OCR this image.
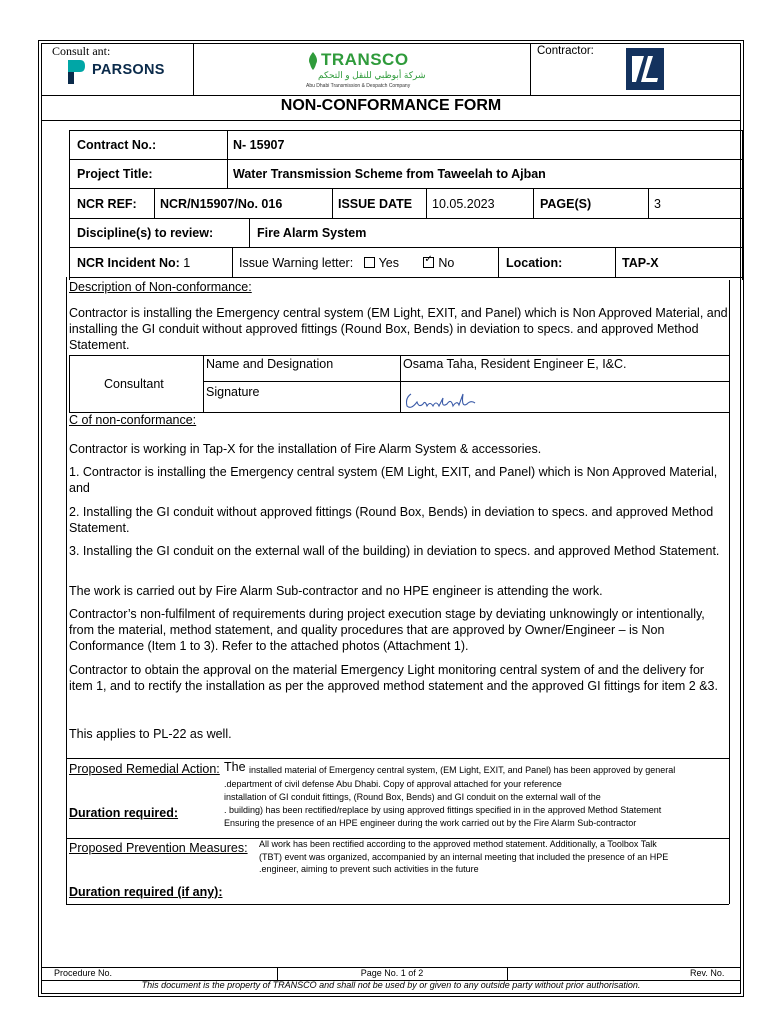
Consult ant:
PARSONS
TRANSCO
شركة أبوظبي للنقل و التحكم
Abu Dhabi Transmission & Despatch Company
Contractor:
NON-CONFORMANCE FORM
Contract No.:	N- 15907
Project Title:	Water Transmission Scheme from Taweelah to Ajban
NCR REF: NCR/N15907/No. 016	ISSUE DATE 10.05.2023	PAGE(S)	3
Discipline(s) to review:	Fire Alarm System
NCR Incident No: 1	Issue Warning letter: Yes       ✓	No	Location:	TAP-X
Description of Non-conformance:
Contractor is installing the Emergency central system (EM Light, EXIT, and Panel) which is Non Approved Material, and installing the GI conduit without approved fittings (Round Box, Bends) in deviation to specs. and approved Method Statement.
Consultant
Name and Designation	Osama Taha, Resident Engineer E, I&C.
Signature
C of non-conformance:
Contractor is working in Tap-X for the installation of Fire Alarm System & accessories.
1. Contractor is installing the Emergency central system (EM Light, EXIT, and Panel) which is Non Approved Material, and
2. Installing the GI conduit without approved fittings (Round Box, Bends) in deviation to specs. and approved Method Statement.
3. Installing the GI conduit on the external wall of the building) in deviation to specs. and approved Method Statement.
The work is carried out by Fire Alarm Sub-contractor and no HPE engineer is attending the work.
Contractor’s non-fulfilment of requirements during project execution stage by deviating unknowingly or intentionally, from the material, method statement, and quality procedures that are approved by Owner/Engineer – is Non Conformance (Item 1 to 3). Refer to the attached photos (Attachment 1).
Contractor to obtain the approval on the material Emergency Light monitoring central system of and the delivery for item 1, and to rectify the installation as per the approved method statement and the approved GI fittings for item 2 &3.
This applies to PL-22 as well.
Proposed Remedial Action: The installed material of Emergency central system, (EM Light, EXIT, and Panel) has been approved by general
.department of civil defense Abu Dhabi. Copy of approval attached for your reference
installation of GI conduit fittings, (Round Box, Bends) and GI conduit on the external wall of the
. building) has been rectified/replace by using approved fittings specified in in the approved Method Statement
Ensuring the presence of an HPE engineer during the work carried out by the Fire Alarm Sub-contractor
Duration required:
Proposed Prevention Measures: All work has been rectified according to the approved method statement. Additionally, a Toolbox Talk
(TBT) event was organized, accompanied by an internal meeting that included the presence of an HPE
.engineer, aiming to prevent such activities in the future
Duration required (if any):
Procedure No.	Page No. 1 of 2	Rev. No.
This document is the property of TRANSCO and shall not be used by or given to any outside party without prior authorisation.
